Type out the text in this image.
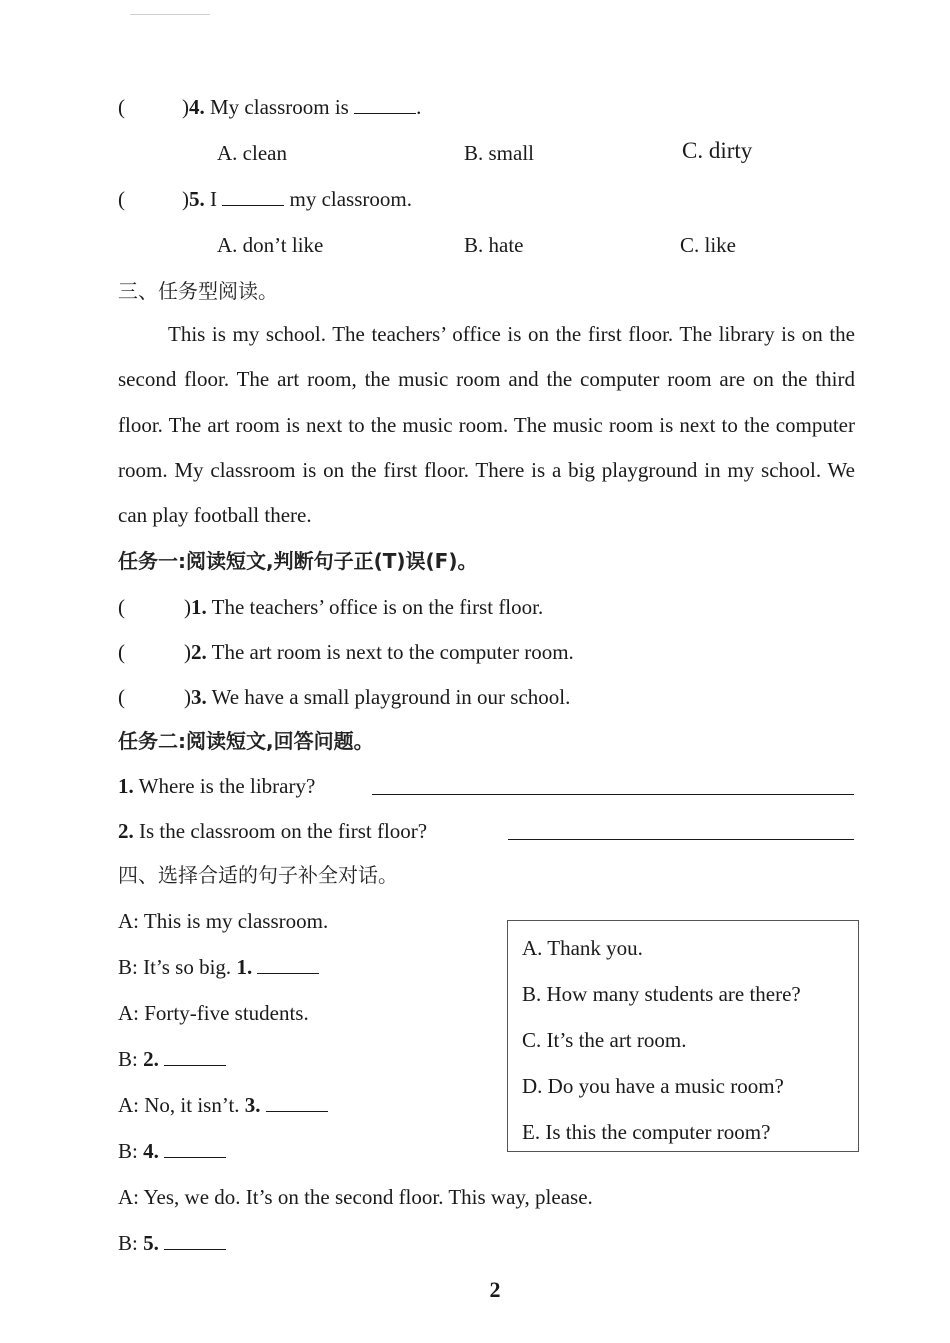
(	)4. My classroom is	.
A. clean	B. small	C. dirty
(	)5. I	my classroom.
A. don’t like	B. hate	C. like
三、任务型阅读。

This is my school. The teachers’ office is on the first floor. The library is on the second floor. The art room, the music room and the computer room are on the third floor. The art room is next to the music room. The music room is next to the computer room. My classroom is on the first floor. There is a big playground in my school. We can play football there.

任务一:阅读短文,判断句子正(T)误(F)。
(	)1. The teachers’ office is on the first floor.
(	)2. The art room is next to the computer room.
(	)3. We have a small playground in our school.
任务二:阅读短文,回答问题。
1. Where is the library?
2. Is the classroom on the first floor?
四、选择合适的句子补全对话。
A: This is my classroom.
B: It’s so big. 1.
A: Forty-five students.
B: 2.
A: No, it isn’t. 3.
B: 4.
A: Yes, we do. It’s on the second floor. This way, please.
B: 5.
A. Thank you.
B. How many students are there?
C. It’s the art room.
D. Do you have a music room?
E. Is this the computer room?
2
